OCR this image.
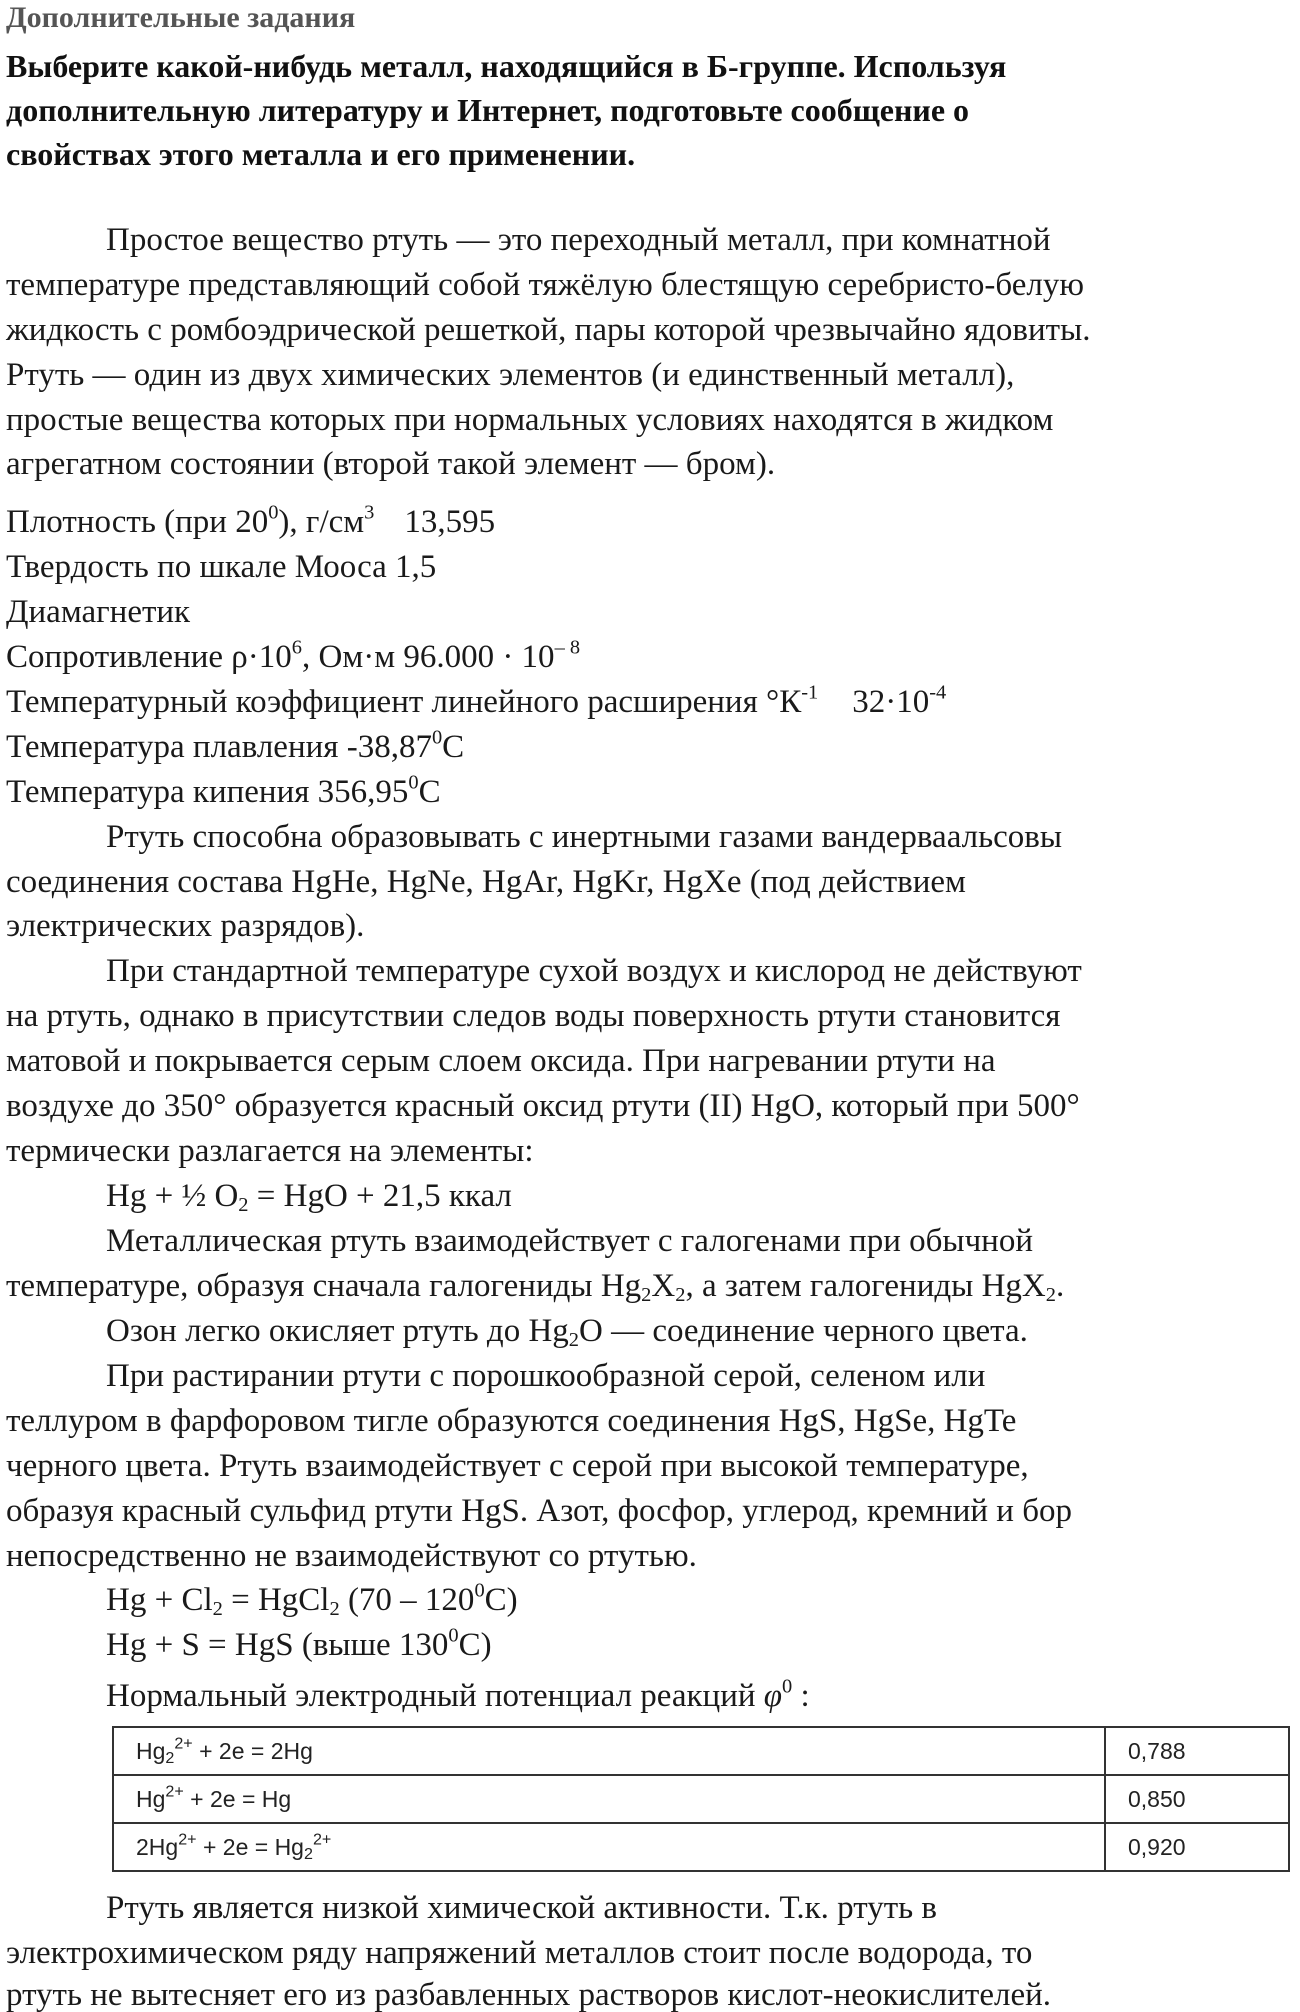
Дополнительные задания
Выберите какой-нибудь металл, находящийся в Б-группе. Используя
дополнительную литературу и Интернет, подготовьте сообщение о
свойствах этого металла и его применении.
Простое вещество ртуть — это переходный металл, при комнатной
температуре представляющий собой тяжёлую блестящую серебристо-белую
жидкость с ромбоэдрической решеткой, пары которой чрезвычайно ядовиты.
Ртуть — один из двух химических элементов (и единственный металл),
простые вещества которых при нормальных условиях находятся в жидком
агрегатном состоянии (второй такой элемент — бром).
Плотность (при $20^0$), $г/см^3$ 13,595
Твердость по шкале Мооса 1,5
Диамагнетик
Сопротивление $\rho\cdot 10^6$, Ом·м $96.000 \cdot 10^{- 8}$
Температурный коэффициент линейного расширения $^\circ К^{-1}$ $32\cdot 10^{-4}$
Температура плавления -38,87$^0$С
Температура кипения 356,95$^0$С
Ртуть способна образовывать с инертными газами вандерваальсовы
соединения состава HgHe, HgNe, HgAr, HgKr, HgXe (под действием
электрических разрядов).
При стандартной температуре сухой воздух и кислород не действуют
на ртуть, однако в присутствии следов воды поверхность ртути становится
матовой и покрывается серым слоем оксида. При нагревании ртути на
воздухе до 350° образуется красный оксид ртути (II) HgO, который при 500°
термически разлагается на элементы:
Hg + ½ $O_2$ = HgO + 21,5 ккал
Металлическая ртуть взаимодействует с галогенами при обычной
температуре, образуя сначала галогениды $Hg_2X_2$, а затем галогениды HgX$_2$.
Озон легко окисляет ртуть до $Hg_2O$ — соединение черного цвета.
При растирании ртути с порошкообразной серой, селеном или
теллуром в фарфоровом тигле образуются соединения HgS, HgSe, HgTe
черного цвета. Ртуть взаимодействует с серой при высокой температуре,
образуя красный сульфид ртути HgS. Азот, фосфор, углерод, кремний и бор
непосредственно не взаимодействуют со ртутью.
$Hg + Cl_2$ = HgCl$_2$ $(70 - 120^0С)$
Hg + S = HgS (выше $130^0С$)
Нормальный электродный потенциал реакций $\varphi^0$ :
$Hg_2^{2+} + 2e = 2Hg$	0,788
$Hg^{2+} + 2e = Hg$	0,850
$2Hg^{2+} + 2e = Hg_2^{2+}$	0,920
Ртуть является низкой химической активности. Т.к. ртуть в
электрохимическом ряду напряжений металлов стоит после водорода, то
ртуть не вытесняет его из разбавленных растворов кислот-неокислителей.
